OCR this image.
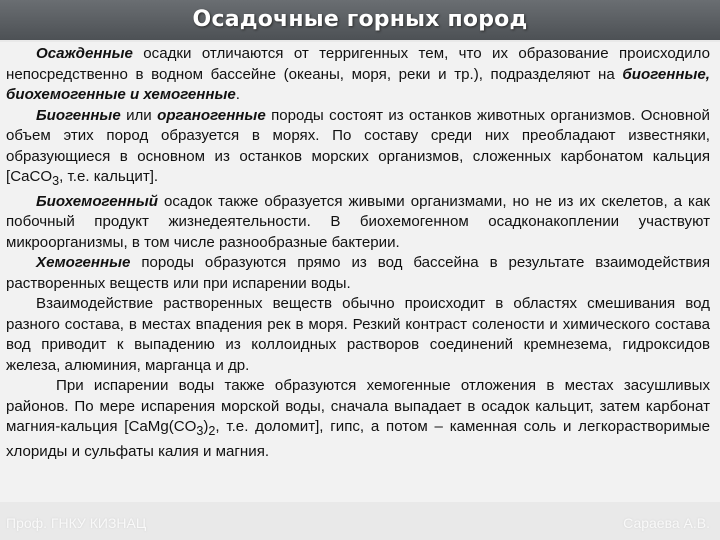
Осадочные горных пород

Осажденные осадки отличаются от терригенных тем, что их образование происходило непосредственно в водном бассейне (океаны, моря, реки и тр.), подразделяют на биогенные, биохемогенные и хемогенные.

Биогенные или органогенные породы состоят из останков животных организмов. Основной объем этих пород образуется в морях. По составу среди них преобладают известняки, образующиеся в основном из останков морских организмов, сложенных карбонатом кальция [CaCO$_3$, т.е. кальцит].

Биохемогенный осадок также образуется живыми организмами, но не из их скелетов, а как побочный продукт жизнедеятельности. В биохемогенном осадконакоплении участвуют микроорганизмы, в том числе разнообразные бактерии.

Хемогенные породы образуются прямо из вод бассейна в результате взаимодействия растворенных веществ или при испарении воды.

Взаимодействие растворенных веществ обычно происходит в областях смешивания вод разного состава, в местах впадения рек в моря. Резкий контраст солености и химического состава вод приводит к выпадению из коллоидных растворов соединений кремнезема, гидроксидов железа, алюминия, марганца и др.

При испарении воды также образуются хемогенные отложения в местах засушливых районов. По мере испарения морской воды, сначала выпадает в осадок кальцит, затем карбонат магния-кальция [$CaMg(CO_3)_2$, т.е. доломит], гипс, а потом – каменная соль и легкорастворимые хлориды и сульфаты калия и магния.

Проф. ГНКУ КИЗНАЦ	Сараева А.В.
